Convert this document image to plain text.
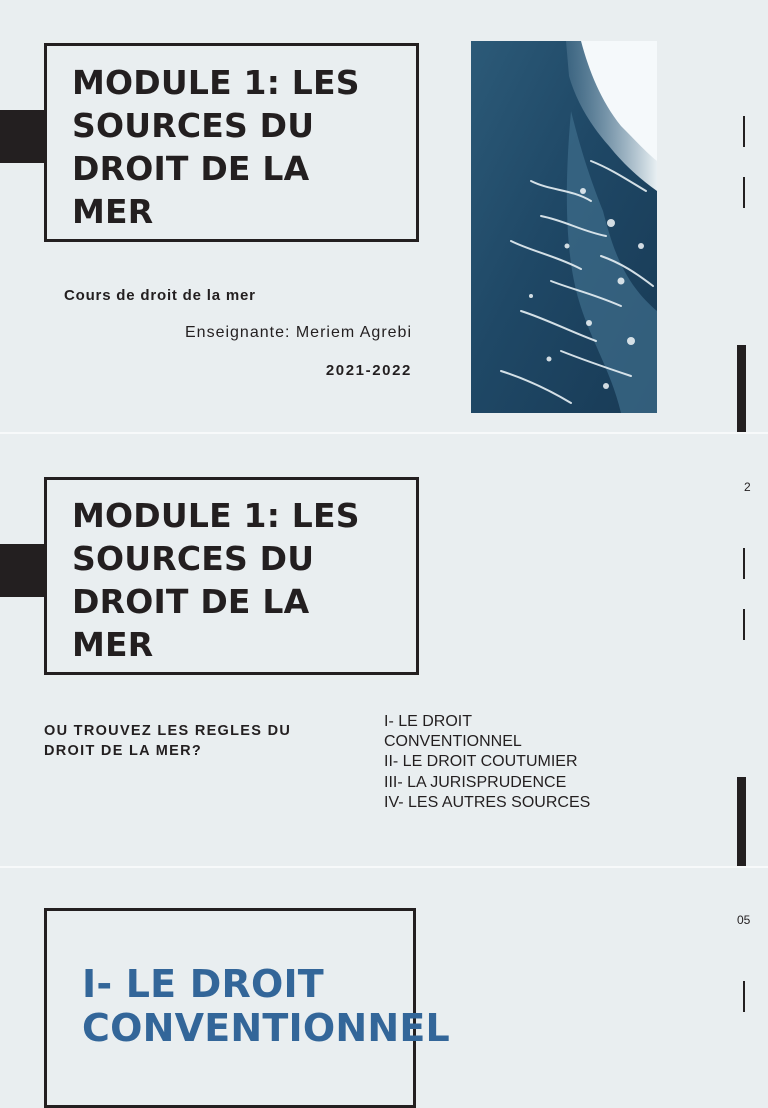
MODULE 1: LES
SOURCES DU
DROIT DE LA
MER

Cours de droit de la mer

Enseignante: Meriem Agrebi

2021-2022

2
MODULE 1: LES
SOURCES DU
DROIT DE LA
MER

OU TROUVEZ LES REGLES DU
DROIT DE LA MER?

I- LE DROIT
CONVENTIONNEL
II- LE DROIT COUTUMIER
III- LA JURISPRUDENCE
IV- LES AUTRES SOURCES
05
I- LE DROIT
CONVENTIONNEL
